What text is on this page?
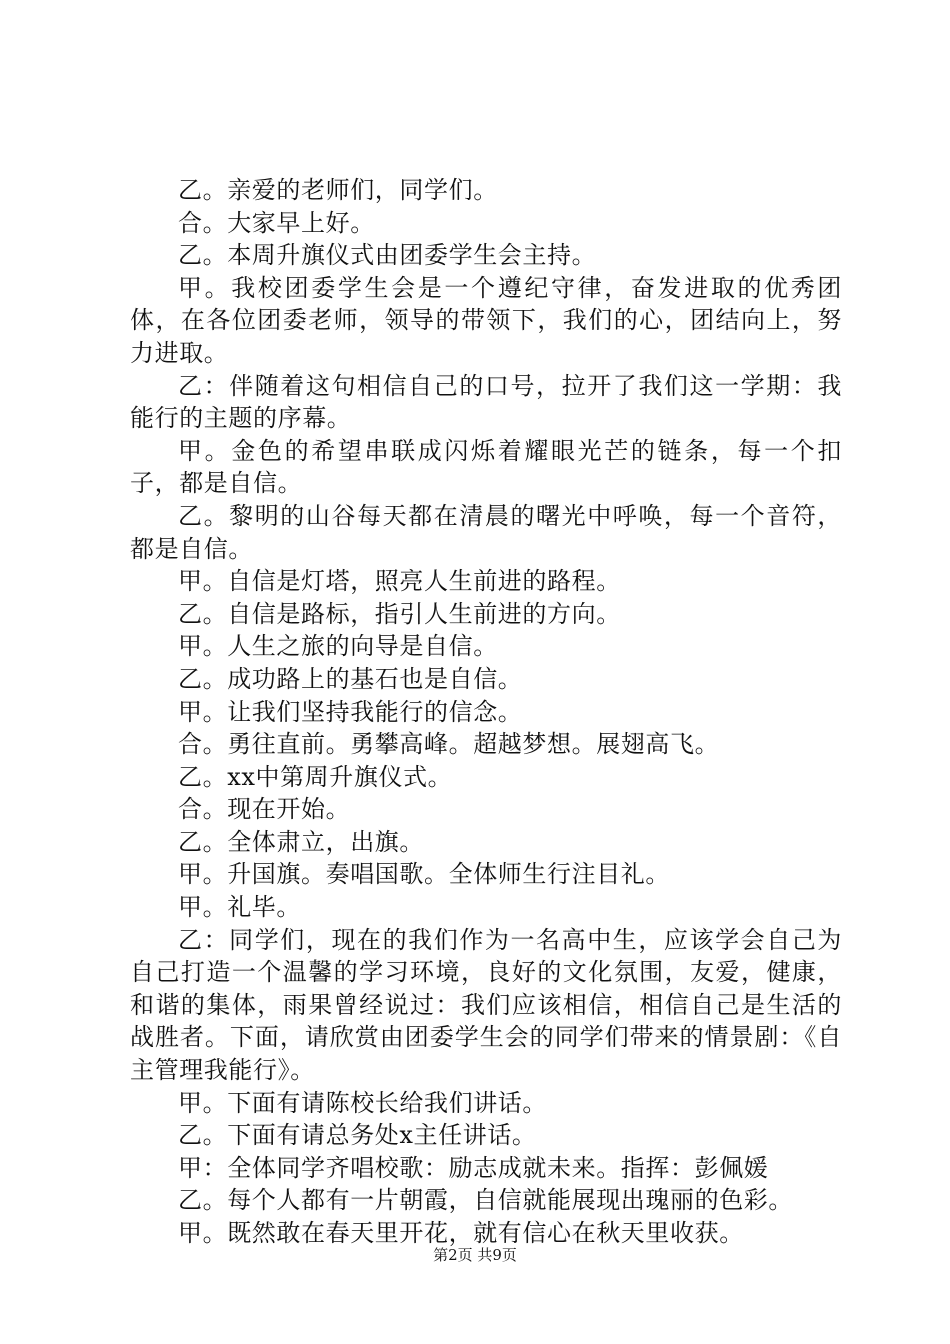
乙。亲爱的老师们，同学们。

合。大家早上好。

乙。本周升旗仪式由团委学生会主持。

甲。我校团委学生会是一个遵纪守律，奋发进取的优秀团体，在各位团委老师，领导的带领下，我们的心，团结向上，努力进取。

乙：伴随着这句相信自己的口号，拉开了我们这一学期：我能行的主题的序幕。

甲。金色的希望串联成闪烁着耀眼光芒的链条，每一个扣子，都是自信。

乙。黎明的山谷每天都在清晨的曙光中呼唤，每一个音符，都是自信。

甲。自信是灯塔，照亮人生前进的路程。

乙。自信是路标，指引人生前进的方向。

甲。人生之旅的向导是自信。

乙。成功路上的基石也是自信。

甲。让我们坚持我能行的信念。

合。勇往直前。勇攀高峰。超越梦想。展翅高飞。

乙。xx中第周升旗仪式。

合。现在开始。

乙。全体肃立，出旗。

甲。升国旗。奏唱国歌。全体师生行注目礼。

甲。礼毕。

乙：同学们，现在的我们作为一名高中生，应该学会自己为自己打造一个温馨的学习环境，良好的文化氛围，友爱，健康，和谐的集体，雨果曾经说过：我们应该相信，相信自己是生活的战胜者。下面，请欣赏由团委学生会的同学们带来的情景剧：《自主管理我能行》。

甲。下面有请陈校长给我们讲话。

乙。下面有请总务处x主任讲话。

甲：全体同学齐唱校歌：励志成就未来。指挥：彭佩媛

乙。每个人都有一片朝霞，自信就能展现出瑰丽的色彩。

甲。既然敢在春天里开花，就有信心在秋天里收获。

第2页 共9页
